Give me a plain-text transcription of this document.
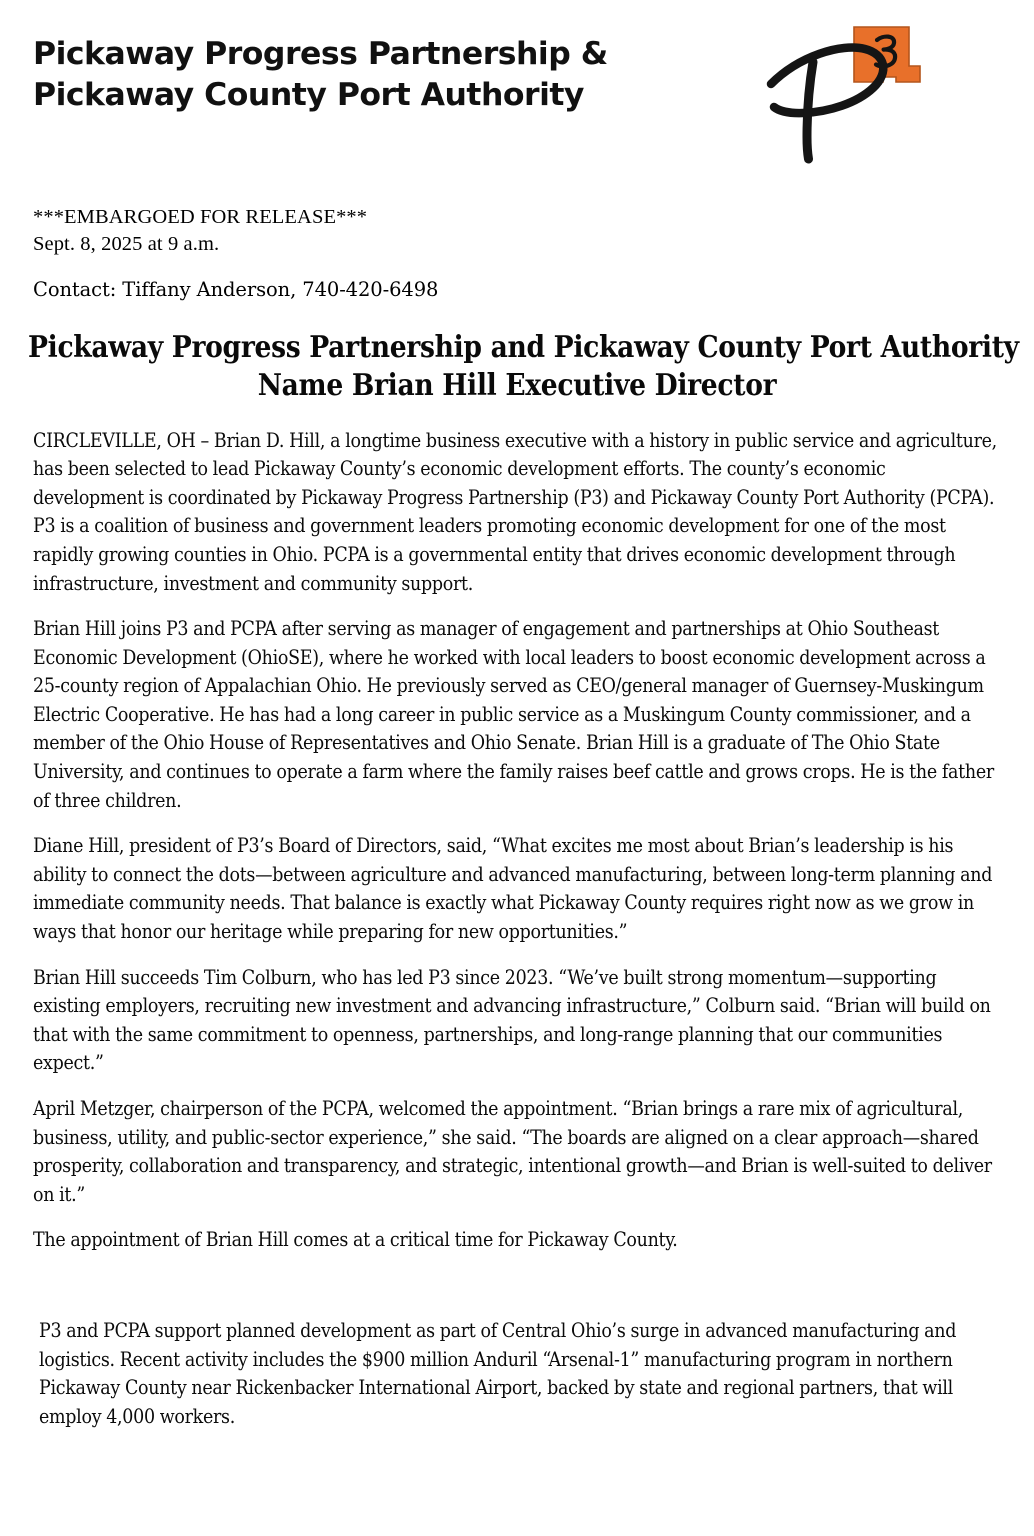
Pickaway Progress Partnership &
Pickaway County Port Authority

***EMBARGOED FOR RELEASE***

Sept. 8, 2025 at 9 a.m.

Contact: Tiffany Anderson, 740-420-6498

Pickaway Progress Partnership and Pickaway County Port Authority
Name Brian Hill Executive Director

CIRCLEVILLE, OH – Brian D. Hill, a longtime business executive with a history in public service and agriculture, has been selected to lead Pickaway County’s economic development efforts. The county’s economic development is coordinated by Pickaway Progress Partnership (P3) and Pickaway County Port Authority (PCPA). P3 is a coalition of business and government leaders promoting economic development for one of the most rapidly growing counties in Ohio. PCPA is a governmental entity that drives economic development through infrastructure, investment and community support.

Brian Hill joins P3 and PCPA after serving as manager of engagement and partnerships at Ohio Southeast Economic Development (OhioSE), where he worked with local leaders to boost economic development across a 25-county region of Appalachian Ohio. He previously served as CEO/general manager of Guernsey-Muskingum Electric Cooperative. He has had a long career in public service as a Muskingum County commissioner, and a member of the Ohio House of Representatives and Ohio Senate. Brian Hill is a graduate of The Ohio State University, and continues to operate a farm where the family raises beef cattle and grows crops. He is the father of three children.

Diane Hill, president of P3’s Board of Directors, said, “What excites me most about Brian’s leadership is his ability to connect the dots—between agriculture and advanced manufacturing, between long-term planning and immediate community needs. That balance is exactly what Pickaway County requires right now as we grow in ways that honor our heritage while preparing for new opportunities.”

Brian Hill succeeds Tim Colburn, who has led P3 since 2023. “We’ve built strong momentum—supporting existing employers, recruiting new investment and advancing infrastructure,” Colburn said. “Brian will build on that with the same commitment to openness, partnerships, and long-range planning that our communities expect.”

April Metzger, chairperson of the PCPA, welcomed the appointment. “Brian brings a rare mix of agricultural, business, utility, and public-sector experience,” she said. “The boards are aligned on a clear approach—shared prosperity, collaboration and transparency, and strategic, intentional growth—and Brian is well-suited to deliver on it.”

The appointment of Brian Hill comes at a critical time for Pickaway County.

P3 and PCPA support planned development as part of Central Ohio’s surge in advanced manufacturing and logistics. Recent activity includes the $900 million Anduril “Arsenal-1” manufacturing program in northern Pickaway County near Rickenbacker International Airport, backed by state and regional partners, that will employ 4,000 workers.
